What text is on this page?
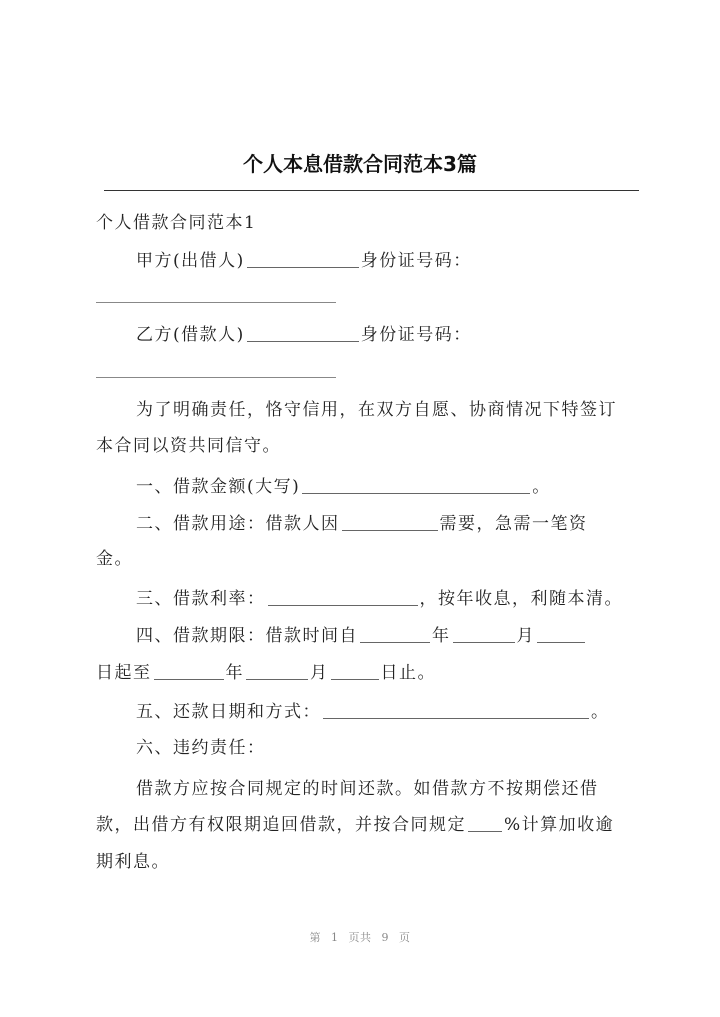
个人本息借款合同范本3篇
个人借款合同范本1
甲方(出借人)	身份证号码：
乙方(借款人)	身份证号码：
为了明确责任，恪守信用，在双方自愿、协商情况下特签订
本合同以资共同信守。
一、借款金额(大写)	。
二、借款用途：借款人因	需要，急需一笔资
金。
三、借款利率：	，按年收息，利随本清。
四、借款期限：借款时间自	年	月
日起至	年	月	日止。
五、还款日期和方式：	。
六、违约责任：
借款方应按合同规定的时间还款。如借款方不按期偿还借
款，出借方有权限期追回借款，并按合同规定 %计算加收逾
期利息。
第 1 页共 9 页
